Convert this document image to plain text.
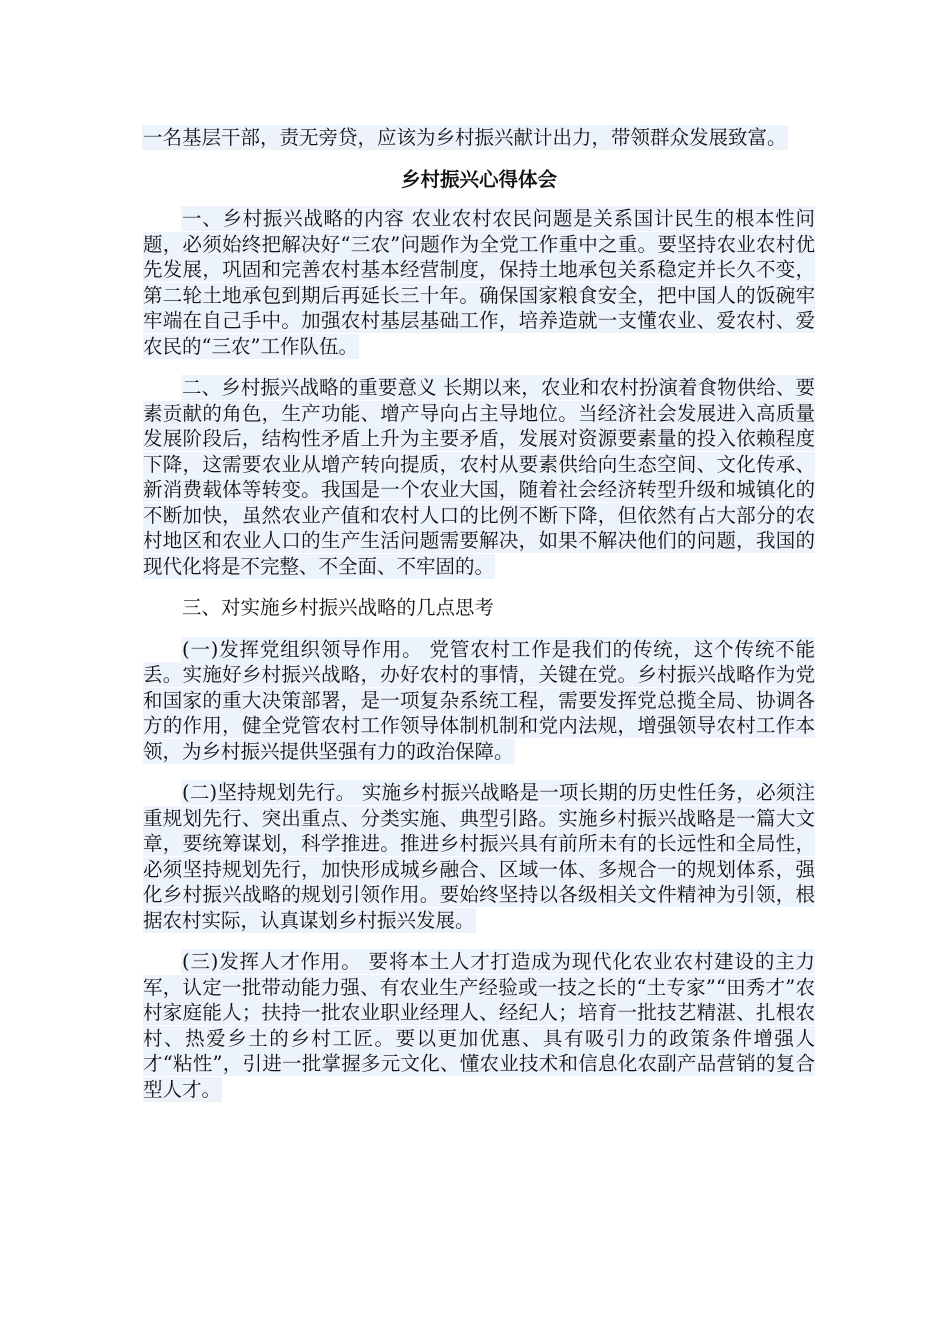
一名基层干部，责无旁贷，应该为乡村振兴献计出力，带领群众发展致富。

乡村振兴心得体会

一、乡村振兴战略的内容 农业农村农民问题是关系国计民生的根本性问题，必须始终把解决好“三农”问题作为全党工作重中之重。要坚持农业农村优先发展，巩固和完善农村基本经营制度，保持土地承包关系稳定并长久不变，第二轮土地承包到期后再延长三十年。确保国家粮食安全，把中国人的饭碗牢牢端在自己手中。加强农村基层基础工作，培养造就一支懂农业、爱农村、爱农民的“三农”工作队伍。

二、乡村振兴战略的重要意义 长期以来，农业和农村扮演着食物供给、要素贡献的角色，生产功能、增产导向占主导地位。当经济社会发展进入高质量发展阶段后，结构性矛盾上升为主要矛盾，发展对资源要素量的投入依赖程度下降，这需要农业从增产转向提质，农村从要素供给向生态空间、文化传承、新消费载体等转变。我国是一个农业大国，随着社会经济转型升级和城镇化的不断加快，虽然农业产值和农村人口的比例不断下降，但依然有占大部分的农村地区和农业人口的生产生活问题需要解决，如果不解决他们的问题，我国的现代化将是不完整、不全面、不牢固的。

三、对实施乡村振兴战略的几点思考

(一)发挥党组织领导作用。 党管农村工作是我们的传统，这个传统不能丢。实施好乡村振兴战略，办好农村的事情，关键在党。乡村振兴战略作为党和国家的重大决策部署，是一项复杂系统工程，需要发挥党总揽全局、协调各方的作用，健全党管农村工作领导体制机制和党内法规，增强领导农村工作本领，为乡村振兴提供坚强有力的政治保障。

(二)坚持规划先行。 实施乡村振兴战略是一项长期的历史性任务，必须注重规划先行、突出重点、分类实施、典型引路。实施乡村振兴战略是一篇大文章，要统筹谋划，科学推进。推进乡村振兴具有前所未有的长远性和全局性，必须坚持规划先行，加快形成城乡融合、区域一体、多规合一的规划体系，强化乡村振兴战略的规划引领作用。要始终坚持以各级相关文件精神为引领，根据农村实际，认真谋划乡村振兴发展。

(三)发挥人才作用。 要将本土人才打造成为现代化农业农村建设的主力军，认定一批带动能力强、有农业生产经验或一技之长的“土专家”“田秀才”农村家庭能人；扶持一批农业职业经理人、经纪人；培育一批技艺精湛、扎根农村、热爱乡土的乡村工匠。要以更加优惠、具有吸引力的政策条件增强人才“粘性”，引进一批掌握多元文化、懂农业技术和信息化农副产品营销的复合型人才。
